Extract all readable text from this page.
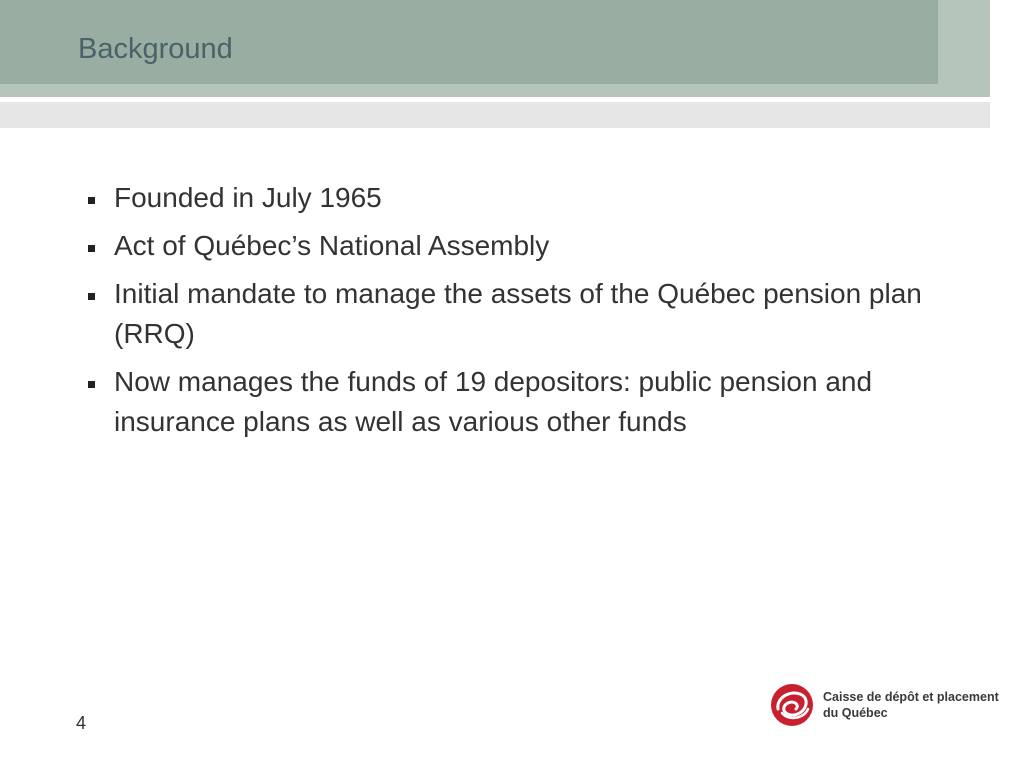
Background
Founded in July 1965
Act of Québec’s National Assembly
Initial mandate to manage the assets of the Québec pension plan (RRQ)
Now manages the funds of 19 depositors: public pension and insurance plans as well as various other funds
4
Caisse de dépôt et placement
du Québec
